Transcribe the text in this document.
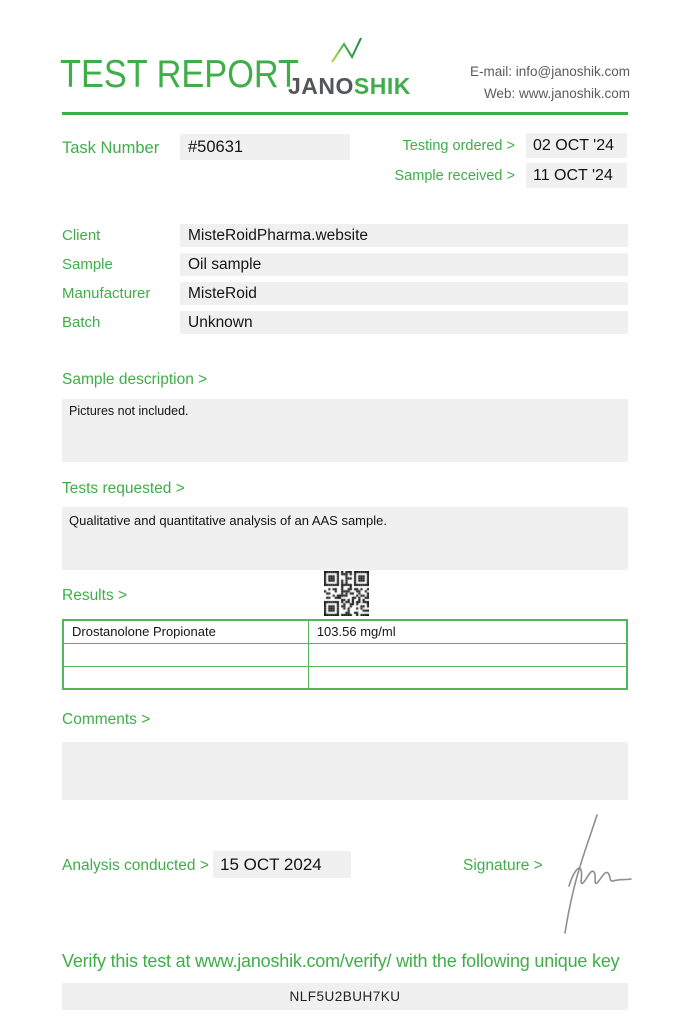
TEST REPORT
JANOSHIK
E-mail: info@janoshik.com
Web: www.janoshik.com
Task Number	#50631	Testing ordered >	02 OCT '24
Sample received >	11 OCT '24
Client	MisteRoidPharma.website
Sample	Oil sample
Manufacturer	MisteRoid
Batch	Unknown
Sample description >
Pictures not included.
Tests requested >
Qualitative and quantitative analysis of an AAS sample.
Results >
Drostanolone Propionate	103.56 mg/ml

Comments >
Analysis conducted > 15 OCT 2024	Signature >
Verify this test at www.janoshik.com/verify/ with the following unique key
NLF5U2BUH7KU
